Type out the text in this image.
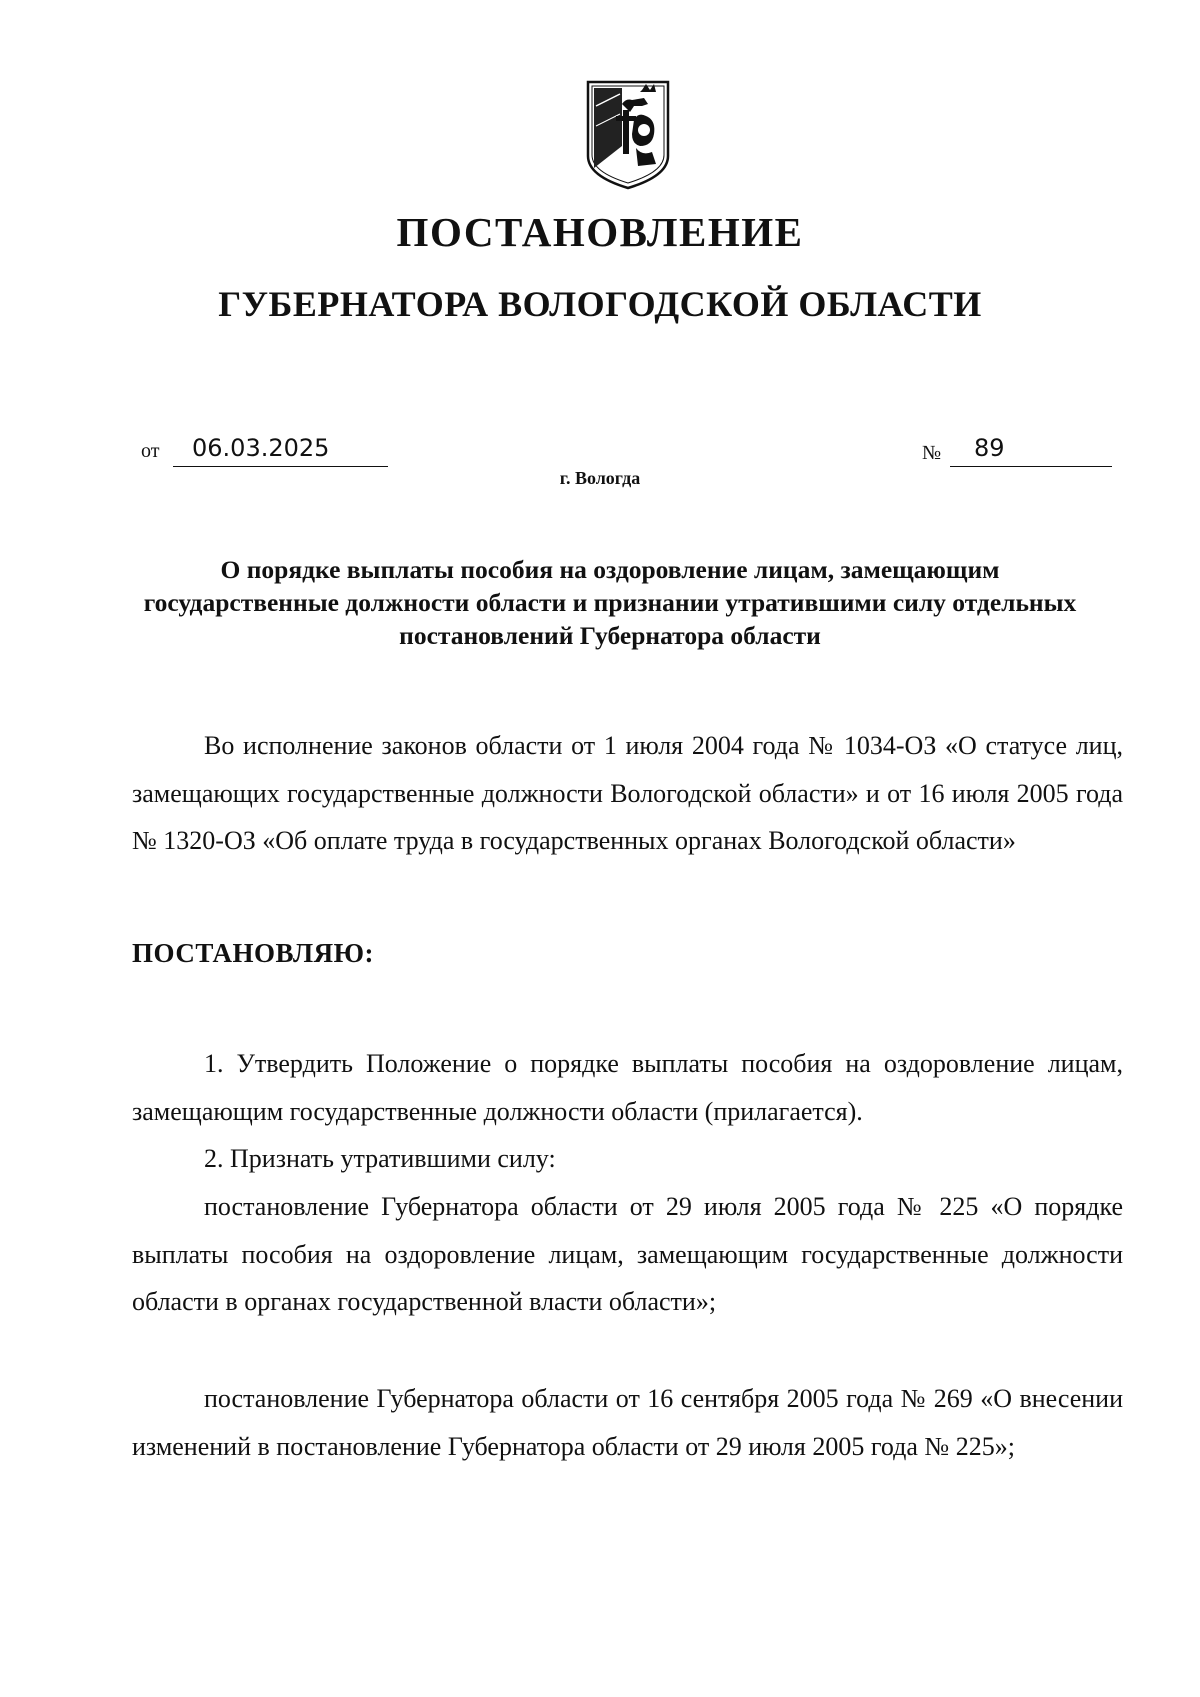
ПОСТАНОВЛЕНИЕ
ГУБЕРНАТОРА ВОЛОГОДСКОЙ ОБЛАСТИ
от	06.03.2025	№	89
г. Вологда
О порядке выплаты пособия на оздоровление лицам, замещающим государственные должности области и признании утратившими силу отдельных постановлений Губернатора области
Во исполнение законов области от 1 июля 2004 года № 1034-ОЗ «О статусе лиц, замещающих государственные должности Вологодской области» и от 16 июля 2005 года № 1320-ОЗ «Об оплате труда в государственных органах Вологодской области»
ПОСТАНОВЛЯЮ:
1. Утвердить Положение о порядке выплаты пособия на оздоровление лицам, замещающим государственные должности области (прилагается).
2. Признать утратившими силу:
постановление Губернатора области от 29 июля 2005 года № 225 «О порядке выплаты пособия на оздоровление лицам, замещающим государственные должности области в органах государственной власти области»;
постановление Губернатора области от 16 сентября 2005 года № 269 «О внесении изменений в постановление Губернатора области от 29 июля 2005 года № 225»;
